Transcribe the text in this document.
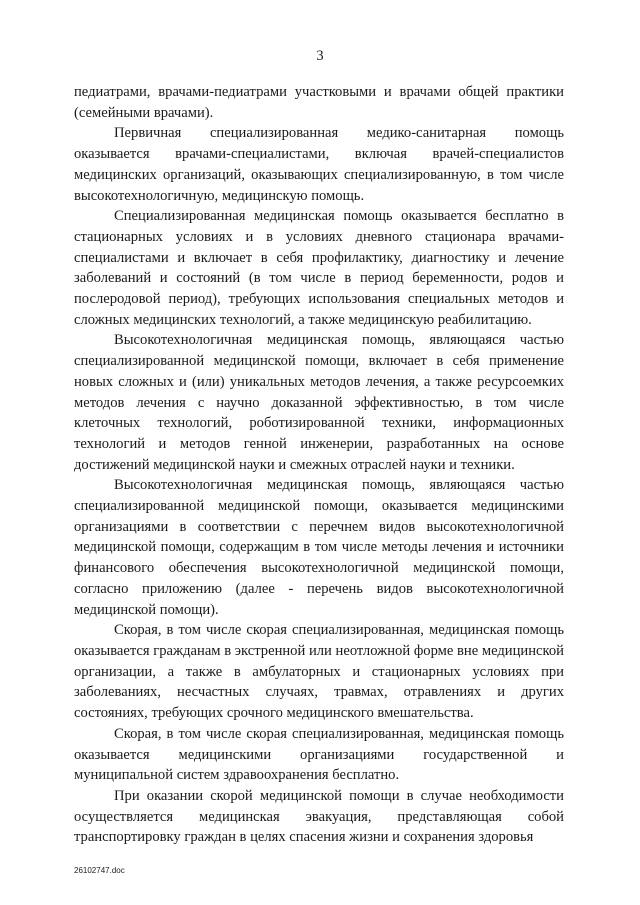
3

педиатрами, врачами-педиатрами участковыми и врачами общей практики (семейными врачами).

Первичная специализированная медико-санитарная помощь оказывается врачами-специалистами, включая врачей-специалистов медицинских организаций, оказывающих специализированную, в том числе высокотехнологичную, медицинскую помощь.

Специализированная медицинская помощь оказывается бесплатно в стационарных условиях и в условиях дневного стационара врачами-специалистами и включает в себя профилактику, диагностику и лечение заболеваний и состояний (в том числе в период беременности, родов и послеродовой период), требующих использования специальных методов и сложных медицинских технологий, а также медицинскую реабилитацию.

Высокотехнологичная медицинская помощь, являющаяся частью специализированной медицинской помощи, включает в себя применение новых сложных и (или) уникальных методов лечения, а также ресурсоемких методов лечения с научно доказанной эффективностью, в том числе клеточных технологий, роботизированной техники, информационных технологий и методов генной инженерии, разработанных на основе достижений медицинской науки и смежных отраслей науки и техники.

Высокотехнологичная медицинская помощь, являющаяся частью специализированной медицинской помощи, оказывается медицинскими организациями в соответствии с перечнем видов высокотехнологичной медицинской помощи, содержащим в том числе методы лечения и источники финансового обеспечения высокотехнологичной медицинской помощи, согласно приложению (далее - перечень видов высокотехнологичной медицинской помощи).

Скорая, в том числе скорая специализированная, медицинская помощь оказывается гражданам в экстренной или неотложной форме вне медицинской организации, а также в амбулаторных и стационарных условиях при заболеваниях, несчастных случаях, травмах, отравлениях и других состояниях, требующих срочного медицинского вмешательства.

Скорая, в том числе скорая специализированная, медицинская помощь оказывается медицинскими организациями государственной и муниципальной систем здравоохранения бесплатно.

При оказании скорой медицинской помощи в случае необходимости осуществляется медицинская эвакуация, представляющая собой транспортировку граждан в целях спасения жизни и сохранения здоровья

26102747.doc
